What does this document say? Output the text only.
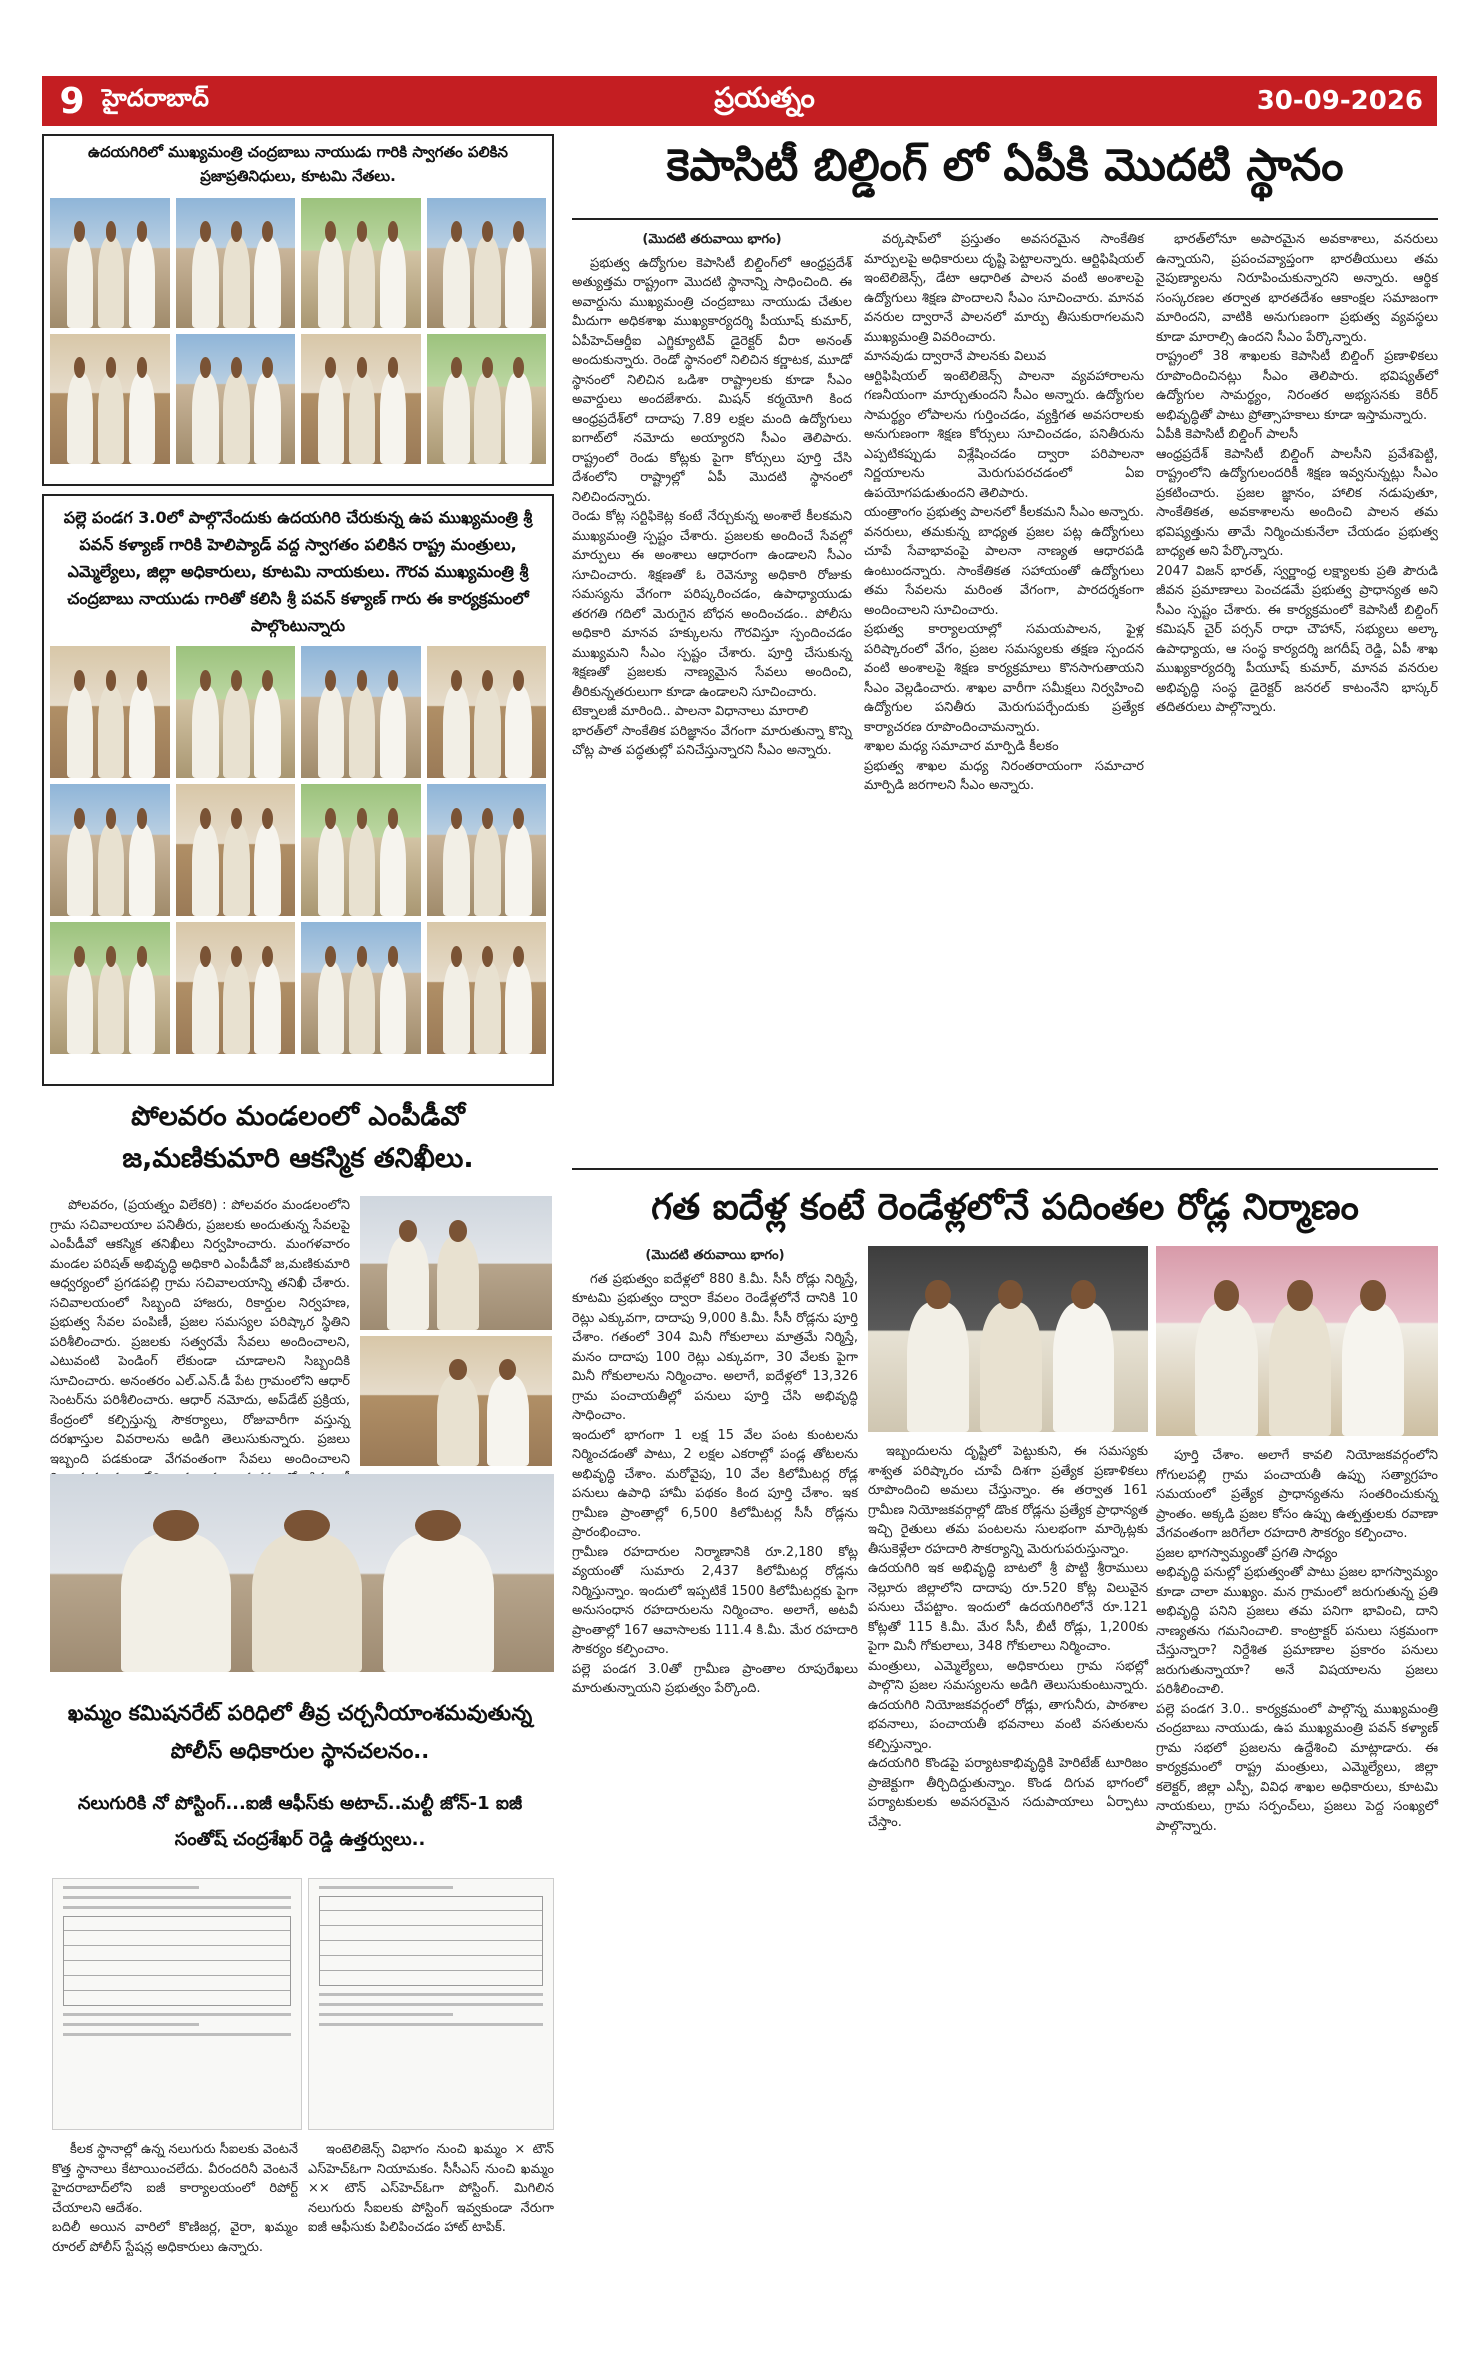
9 హైదరాబాద్	ప్రయత్నం	30-09-2026
ఉదయగిరిలో ముఖ్యమంత్రి చంద్రబాబు నాయుడు గారికి స్వాగతం పలికిన ప్రజాప్రతినిధులు, కూటమి నేతలు.
పల్లె పండగ 3.0లో పాల్గొనేందుకు ఉదయగిరి చేరుకున్న ఉప ముఖ్యమంత్రి శ్రీ పవన్ కళ్యాణ్ గారికి హెలిప్యాడ్ వద్ద స్వాగతం పలికిన రాష్ట్ర మంత్రులు, ఎమ్మెల్యేలు, జిల్లా అధికారులు, కూటమి నాయకులు. గౌరవ ముఖ్యమంత్రి శ్రీ చంద్రబాబు నాయుడు గారితో కలిసి శ్రీ పవన్ కళ్యాణ్ గారు ఈ కార్యక్రమంలో పాల్గొంటున్నారు
పోలవరం మండలంలో ఎంపీడీవో జ,మణికుమారి ఆకస్మిక తనిఖీలు.

పోలవరం, (ప్రయత్నం విలేకరి) : పోలవరం మండలంలోని గ్రామ సచివాలయాల పనితీరు, ప్రజలకు అందుతున్న సేవలపై ఎంపీడీవో ఆకస్మిక తనిఖీలు నిర్వహించారు. మంగళవారం మండల పరిషత్ అభివృద్ధి అధికారి ఎంపీడీవో జ,మణికుమారి ఆధ్వర్యంలో ప్రగడపల్లి గ్రామ సచివాలయాన్ని తనిఖీ చేశారు. సచివాలయంలో సిబ్బంది హాజరు, రికార్డుల నిర్వహణ, ప్రభుత్వ సేవల పంపిణీ, ప్రజల సమస్యల పరిష్కార స్థితిని పరిశీలించారు. ప్రజలకు సత్వరమే సేవలు అందించాలని, ఎటువంటి పెండింగ్ లేకుండా చూడాలని సిబ్బందికి సూచించారు. అనంతరం ఎల్.ఎన్.డీ పేట గ్రామంలోని ఆధార్ సెంటర్‌ను పరిశీలించారు. ఆధార్ నమోదు, అప్‌డేట్ ప్రక్రియ, కేంద్రంలో కల్పిస్తున్న సౌకర్యాలు, రోజువారీగా వస్తున్న దరఖాస్తుల వివరాలను అడిగి తెలుసుకున్నారు. ప్రజలు ఇబ్బంది పడకుండా వేగవంతంగా సేవలు అందించాలని

ఖమ్మం కమిషనరేట్ పరిధిలో తీవ్ర చర్చనీయాంశమవుతున్న పోలీస్ అధికారుల స్థానచలనం..
నలుగురికి నో పోస్టింగ్...ఐజీ ఆఫీస్‌కు అటాచ్..మల్టీ జోన్-1 ఐజీ సంతోష్ చంద్రశేఖర్ రెడ్డి ఉత్తర్వులు..

కీలక స్థానాల్లో ఉన్న నలుగురు సీఐలకు వెంటనే కొత్త స్థానాలు కేటాయించలేదు. వీరందరినీ వెంటనే హైదరాబాద్‌లోని ఐజీ కార్యాలయంలో రిపోర్ట్ చేయాలని ఆదేశం.
బదిలీ అయిన వారిలో కొణిజర్ల, వైరా, ఖమ్మం రూరల్ పోలీస్ స్టేషన్ల అధికారులు ఉన్నారు.

ఇంటెలిజెన్స్ విభాగం నుంచి ఖమ్మం × టౌన్ ఎస్‌హెచ్‌ఓగా నియామకం. సీసీఎస్ నుంచి ఖమ్మం ×× టౌన్ ఎస్‌హెచ్‌ఓగా పోస్టింగ్. మిగిలిన నలుగురు సీఐలకు పోస్టింగ్ ఇవ్వకుండా నేరుగా ఐజీ ఆఫీసుకు పిలిపించడం హాట్ టాపిక్.

కెపాసిటీ బిల్డింగ్ లో ఏపీకి మొదటి స్థానం
(మొదటి తరువాయి భాగం)

ప్రభుత్వ ఉద్యోగుల కెపాసిటీ బిల్డింగ్‌లో ఆంధ్రప్రదేశ్ అత్యుత్తమ రాష్ట్రంగా మొదటి స్థానాన్ని సాధించింది. ఈ అవార్డును ముఖ్యమంత్రి చంద్రబాబు నాయుడు చేతుల మీదుగా అధికశాఖ ముఖ్యకార్యదర్శి పీయూష్ కుమార్, ఏపీహెచ్ఆర్డీఐ ఎగ్జిక్యూటివ్ డైరెక్టర్ వీరా అనంత్ అందుకున్నారు. రెండో స్థానంలో నిలిచిన కర్ణాటక, మూడో స్థానంలో నిలిచిన ఒడిశా రాష్ట్రాలకు కూడా సీఎం అవార్డులు అందజేశారు. మిషన్ కర్మయోగి కింద ఆంధ్రప్రదేశ్‌లో దాదాపు 7.89 లక్షల మంది ఉద్యోగులు ఐగాట్‌లో నమోదు అయ్యారని సీఎం తెలిపారు. రాష్ట్రంలో రెండు కోట్లకు పైగా కోర్సులు పూర్తి చేసి దేశంలోని రాష్ట్రాల్లో ఏపీ మొదటి స్థానంలో నిలిచిందన్నారు.
రెండు కోట్ల సర్టిఫికెట్ల కంటే నేర్చుకున్న అంశాలే కీలకమని ముఖ్యమంత్రి స్పష్టం చేశారు. ప్రజలకు అందించే సేవల్లో మార్పులు ఈ అంశాలు ఆధారంగా ఉండాలని సీఎం సూచించారు. శిక్షణతో ఓ రెవెన్యూ అధికారి రోజుకు సమస్యను వేగంగా పరిష్కరించడం, ఉపాధ్యాయుడు తరగతి గదిలో మెరుగైన బోధన అందించడం.. పోలీసు అధికారి మానవ హక్కులను గౌరవిస్తూ స్పందించడం ముఖ్యమని సీఎం స్పష్టం చేశారు. పూర్తి చేసుకున్న శిక్షణతో ప్రజలకు నాణ్యమైన సేవలు అందించి, తీరికున్నతరులుగా కూడా ఉండాలని సూచించారు.
టెక్నాలజీ మారింది.. పాలనా విధానాలు మారాలి
భారత్‌లో సాంకేతిక పరిజ్ఞానం వేగంగా మారుతున్నా కొన్ని చోట్ల పాత పద్ధతుల్లో పనిచేస్తున్నారని సీఎం అన్నారు.

వర్కషాప్‌లో ప్రస్తుతం అవసరమైన సాంకేతిక మార్పులపై అధికారులు దృష్టి పెట్టాలన్నారు. ఆర్టిఫిషియల్ ఇంటెలిజెన్స్, డేటా ఆధారిత పాలన వంటి అంశాలపై ఉద్యోగులు శిక్షణ పొందాలని సీఎం సూచించారు. మానవ వనరుల ద్వారానే పాలనలో మార్పు తీసుకురాగలమని ముఖ్యమంత్రి వివరించారు.
మానవుడు ద్వారానే పాలనకు విలువ
ఆర్టిఫిషియల్ ఇంటెలిజెన్స్ పాలనా వ్యవహారాలను గణనీయంగా మార్చుతుందని సీఎం అన్నారు. ఉద్యోగుల సామర్థ్యం లోపాలను గుర్తించడం, వ్యక్తిగత అవసరాలకు అనుగుణంగా శిక్షణ కోర్సులు సూచించడం, పనితీరును ఎప్పటికప్పుడు విశ్లేషించడం ద్వారా పరిపాలనా నిర్ణయాలను మెరుగుపరచడంలో ఏఐ ఉపయోగపడుతుందని తెలిపారు.
యంత్రాంగం ప్రభుత్వ పాలనలో కీలకమని సీఎం అన్నారు. వనరులు, తమకున్న బాధ్యత ప్రజల పట్ల ఉద్యోగులు చూపే సేవాభావంపై పాలనా నాణ్యత ఆధారపడి ఉంటుందన్నారు. సాంకేతికత సహాయంతో ఉద్యోగులు తమ సేవలను మరింత వేగంగా, పారదర్శకంగా అందించాలని సూచించారు.
ప్రభుత్వ కార్యాలయాల్లో సమయపాలన, ఫైళ్ల పరిష్కారంలో వేగం, ప్రజల సమస్యలకు తక్షణ స్పందన వంటి అంశాలపై శిక్షణ కార్యక్రమాలు కొనసాగుతాయని సీఎం వెల్లడించారు. శాఖల వారీగా సమీక్షలు నిర్వహించి ఉద్యోగుల పనితీరు మెరుగుపర్చేందుకు ప్రత్యేక కార్యాచరణ రూపొందించామన్నారు.
శాఖల మధ్య సమాచార మార్పిడి కీలకం
ప్రభుత్వ శాఖల మధ్య నిరంతరాయంగా సమాచార మార్పిడి జరగాలని సీఎం అన్నారు.

భారత్‌లోనూ అపారమైన అవకాశాలు, వనరులు ఉన్నాయని, ప్రపంచవ్యాప్తంగా భారతీయులు తమ నైపుణ్యాలను నిరూపించుకున్నారని అన్నారు. ఆర్థిక సంస్కరణల తర్వాత భారతదేశం ఆకాంక్షల సమాజంగా మారిందని, వాటికి అనుగుణంగా ప్రభుత్వ వ్యవస్థలు కూడా మారాల్సి ఉందని సీఎం పేర్కొన్నారు.
రాష్ట్రంలో 38 శాఖలకు కెపాసిటీ బిల్డింగ్ ప్రణాళికలు రూపొందించినట్లు సీఎం తెలిపారు. భవిష్యత్‌లో ఉద్యోగుల సామర్థ్యం, నిరంతర అభ్యసనకు కెరీర్ అభివృద్ధితో పాటు ప్రోత్సాహకాలు కూడా ఇస్తామన్నారు.
ఏపీకి కెపాసిటీ బిల్డింగ్ పాలసీ
ఆంధ్రప్రదేశ్ కెపాసిటీ బిల్డింగ్ పాలసీని ప్రవేశపెట్టి, రాష్ట్రంలోని ఉద్యోగులందరికీ శిక్షణ ఇవ్వనున్నట్లు సీఎం ప్రకటించారు. ప్రజల జ్ఞానం, హాలిక నడుపుతూ, సాంకేతికత, అవకాశాలను అందించి పాలన తమ భవిష్యత్తును తామే నిర్మించుకునేలా చేయడం ప్రభుత్వ బాధ్యత అని పేర్కొన్నారు.
2047 విజన్ భారత్, స్వర్ణాంధ్ర లక్ష్యాలకు ప్రతి పౌరుడి జీవన ప్రమాణాలు పెంచడమే ప్రభుత్వ ప్రాధాన్యత అని సీఎం స్పష్టం చేశారు. ఈ కార్యక్రమంలో కెపాసిటీ బిల్డింగ్ కమిషన్ చైర్ పర్సన్ రాధా చౌహాన్, సభ్యులు అల్కా ఉపాధ్యాయ, ఆ సంస్థ కార్యదర్శి జగదీష్ రెడ్డి, ఏపీ శాఖ ముఖ్యకార్యదర్శి పీయూష్ కుమార్, మానవ వనరుల అభివృద్ధి సంస్థ డైరెక్టర్ జనరల్ కాటంనేని భాస్కర్ తదితరులు పాల్గొన్నారు.

గత ఐదేళ్ల కంటే రెండేళ్లలోనే పదింతల రోడ్ల నిర్మాణం
(మొదటి తరువాయి భాగం)

గత ప్రభుత్వం ఐదేళ్లలో 880 కి.మీ. సీసీ రోడ్లు నిర్మిస్తే, కూటమి ప్రభుత్వం ద్వారా కేవలం రెండేళ్లలోనే దానికి 10 రెట్లు ఎక్కువగా, దాదాపు 9,000 కి.మీ. సీసీ రోడ్లను పూర్తి చేశాం. గతంలో 304 మినీ గోకులాలు మాత్రమే నిర్మిస్తే, మనం దాదాపు 100 రెట్లు ఎక్కువగా, 30 వేలకు పైగా మినీ గోకులాలను నిర్మించాం. అలాగే, ఐదేళ్లలో 13,326 గ్రామ పంచాయతీల్లో పనులు పూర్తి చేసి అభివృద్ధి సాధించాం.
ఇందులో భాగంగా 1 లక్ష 15 వేల పంట కుంటలను నిర్మించడంతో పాటు, 2 లక్షల ఎకరాల్లో పండ్ల తోటలను అభివృద్ధి చేశాం. మరోవైపు, 10 వేల కిలోమీటర్ల రోడ్ల పనులు ఉపాధి హామీ పథకం కింద పూర్తి చేశాం. ఇక గ్రామీణ ప్రాంతాల్లో 6,500 కిలోమీటర్ల సీసీ రోడ్లను ప్రారంభించాం.
గ్రామీణ రహదారుల నిర్మాణానికి రూ.2,180 కోట్ల వ్యయంతో సుమారు 2,437 కిలోమీటర్ల రోడ్లను నిర్మిస్తున్నాం. ఇందులో ఇప్పటికే 1500 కిలోమీటర్లకు పైగా అనుసంధాన రహదారులను నిర్మించాం. అలాగే, అటవీ ప్రాంతాల్లో 167 ఆవాసాలకు 111.4 కి.మీ. మేర రహదారి సౌకర్యం కల్పించాం.
పల్లె పండగ 3.0తో గ్రామీణ ప్రాంతాల రూపురేఖలు మారుతున్నాయని ప్రభుత్వం పేర్కొంది.

ఇబ్బందులను దృష్టిలో పెట్టుకుని, ఈ సమస్యకు శాశ్వత పరిష్కారం చూపే దిశగా ప్రత్యేక ప్రణాళికలు రూపొందించి అమలు చేస్తున్నాం. ఈ తర్వాత 161 గ్రామీణ నియోజకవర్గాల్లో డొంక రోడ్లను ప్రత్యేక ప్రాధాన్యత ఇచ్చి రైతులు తమ పంటలను సులభంగా మార్కెట్లకు తీసుకెళ్లేలా రహదారి సౌకర్యాన్ని మెరుగుపరుస్తున్నాం.
ఉదయగిరి ఇక అభివృద్ధి బాటలో శ్రీ పొట్టి శ్రీరాములు నెల్లూరు జిల్లాలోని దాదాపు రూ.520 కోట్ల విలువైన పనులు చేపట్టాం. ఇందులో ఉదయగిరిలోనే రూ.121 కోట్లతో 115 కి.మీ. మేర సీసీ, బీటీ రోడ్లు, 1,200కు పైగా మినీ గోకులాలు, 348 గోకులాలు నిర్మించాం.
మంత్రులు, ఎమ్మెల్యేలు, అధికారులు గ్రామ సభల్లో పాల్గొని ప్రజల సమస్యలను అడిగి తెలుసుకుంటున్నారు. ఉదయగిరి నియోజకవర్గంలో రోడ్లు, తాగునీరు, పాఠశాల భవనాలు, పంచాయతీ భవనాలు వంటి వసతులను కల్పిస్తున్నాం.
ఉదయగిరి కొండపై పర్యాటకాభివృద్ధికి హెరిటేజ్ టూరిజం ప్రాజెక్టుగా తీర్చిదిద్దుతున్నాం. కొండ దిగువ భాగంలో పర్యాటకులకు అవసరమైన సదుపాయాలు ఏర్పాటు చేస్తాం.

పూర్తి చేశాం. అలాగే కావలి నియోజకవర్గంలోని గోగులపల్లి గ్రామ పంచాయతీ ఉప్పు సత్యాగ్రహం సమయంలో ప్రత్యేక ప్రాధాన్యతను సంతరించుకున్న ప్రాంతం. అక్కడి ప్రజల కోసం ఉప్పు ఉత్పత్తులకు రవాణా వేగవంతంగా జరిగేలా రహదారి సౌకర్యం కల్పించాం.
ప్రజల భాగస్వామ్యంతో ప్రగతి సాధ్యం
అభివృద్ధి పనుల్లో ప్రభుత్వంతో పాటు ప్రజల భాగస్వామ్యం కూడా చాలా ముఖ్యం. మన గ్రామంలో జరుగుతున్న ప్రతి అభివృద్ధి పనిని ప్రజలు తమ పనిగా భావించి, దాని నాణ్యతను గమనించాలి. కాంట్రాక్టర్ పనులు సక్రమంగా చేస్తున్నారా? నిర్దేశిత ప్రమాణాల ప్రకారం పనులు జరుగుతున్నాయా? అనే విషయాలను ప్రజలు పరిశీలించాలి.
పల్లె పండగ 3.0.. కార్యక్రమంలో పాల్గొన్న ముఖ్యమంత్రి చంద్రబాబు నాయుడు, ఉప ముఖ్యమంత్రి పవన్ కళ్యాణ్ గ్రామ సభలో ప్రజలను ఉద్దేశించి మాట్లాడారు. ఈ కార్యక్రమంలో రాష్ట్ర మంత్రులు, ఎమ్మెల్యేలు, జిల్లా కలెక్టర్, జిల్లా ఎస్పీ, వివిధ శాఖల అధికారులు, కూటమి నాయకులు, గ్రామ సర్పంచ్‌లు, ప్రజలు పెద్ద సంఖ్యలో పాల్గొన్నారు.
